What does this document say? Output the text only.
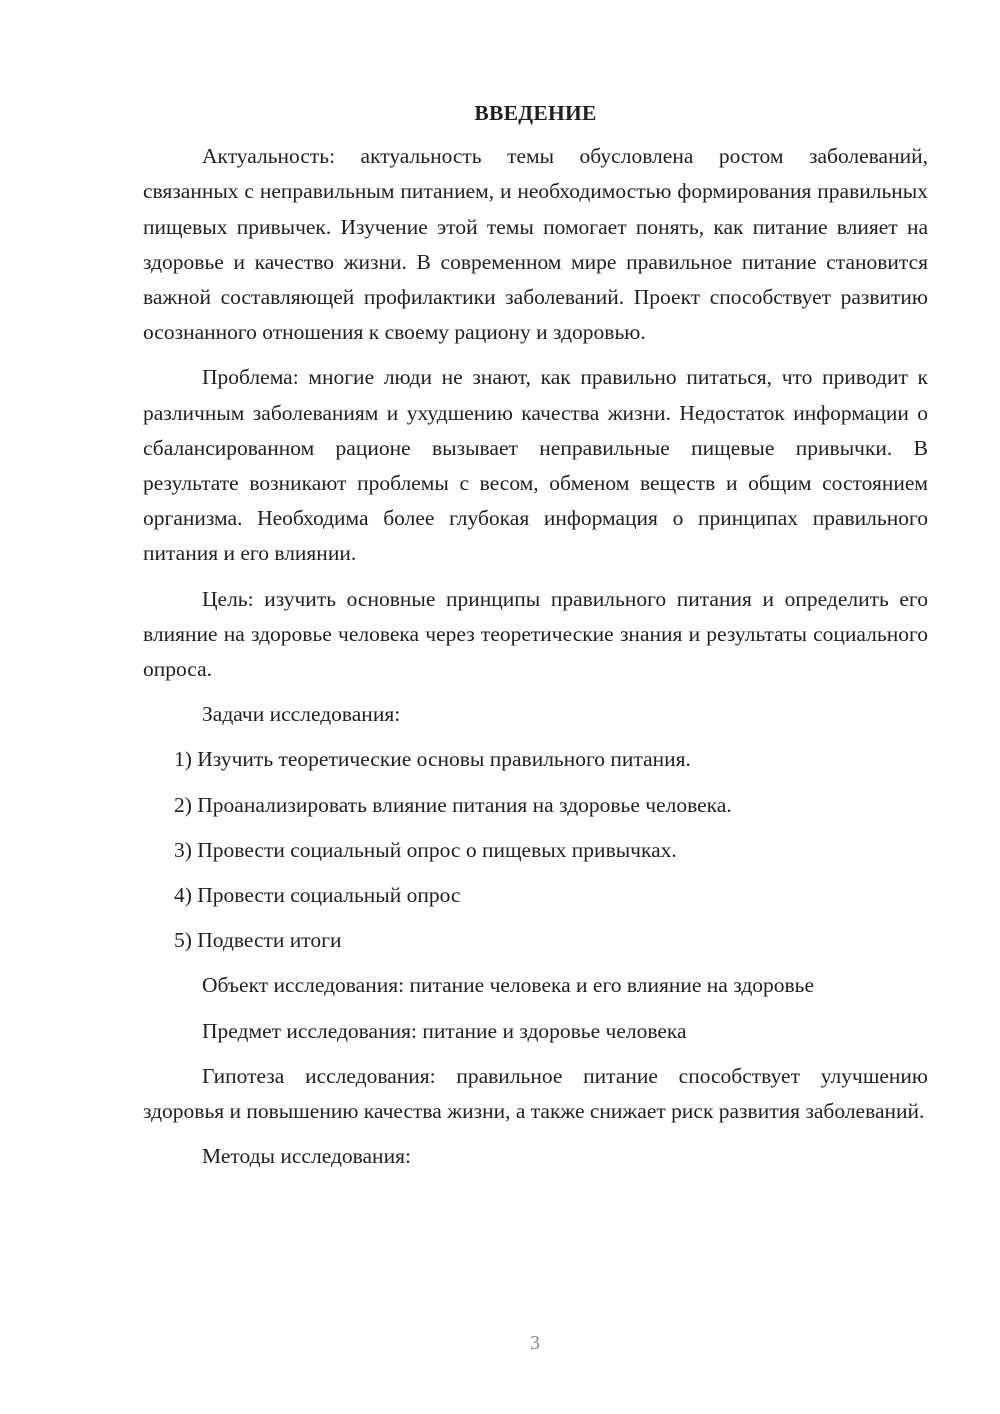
ВВЕДЕНИЕ
Актуальность: актуальность темы обусловлена ростом заболеваний, связанных с неправильным питанием, и необходимостью формирования правильных пищевых привычек. Изучение этой темы помогает понять, как питание влияет на здоровье и качество жизни. В современном мире правильное питание становится важной составляющей профилактики заболеваний. Проект способствует развитию осознанного отношения к своему рациону и здоровью.
Проблема: многие люди не знают, как правильно питаться, что приводит к различным заболеваниям и ухудшению качества жизни. Недостаток информации о сбалансированном рационе вызывает неправильные пищевые привычки. В результате возникают проблемы с весом, обменом веществ и общим состоянием организма. Необходима более глубокая информация о принципах правильного питания и его влиянии.
Цель: изучить основные принципы правильного питания и определить его влияние на здоровье человека через теоретические знания и результаты социального опроса.
Задачи исследования:
1) Изучить теоретические основы правильного питания.
2) Проанализировать влияние питания на здоровье человека.
3) Провести социальный опрос о пищевых привычках.
4) Провести социальный опрос
5) Подвести итоги
Объект исследования: питание человека и его влияние на здоровье
Предмет исследования: питание и здоровье человека
Гипотеза исследования: правильное питание способствует улучшению здоровья и повышению качества жизни, а также снижает риск развития заболеваний.
Методы исследования:
3
